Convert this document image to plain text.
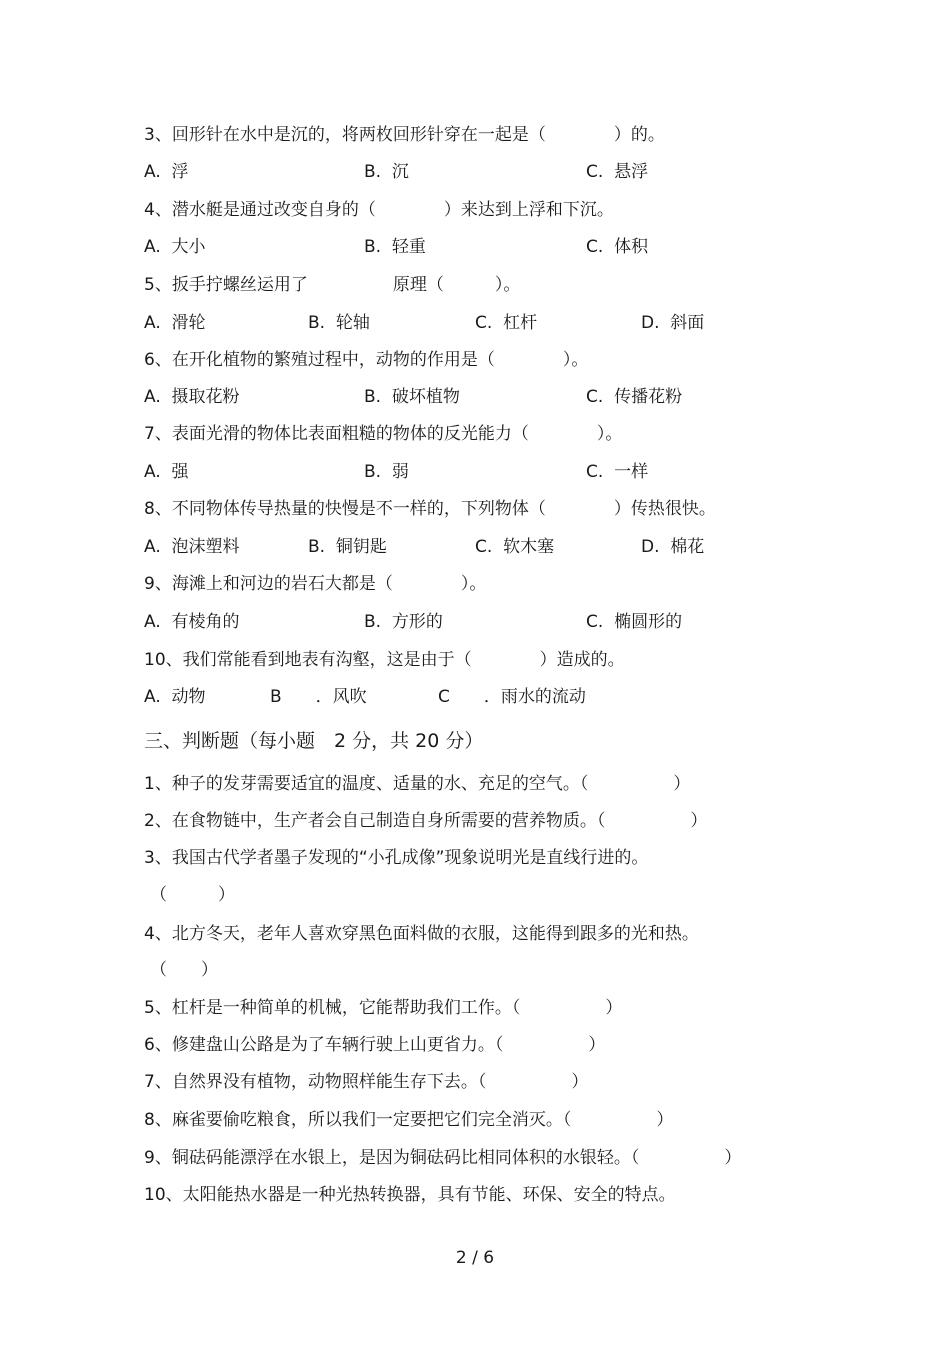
3、回形针在水中是沉的，将两枚回形针穿在一起是（　　　　）的。
A.  浮	B.  沉	C.  悬浮
4、潜水艇是通过改变自身的（　　　　）来达到上浮和下沉。
A.  大小	B.  轻重	C.  体积
5、扳手拧螺丝运用了　　　　　原理（　　　）。
A.  滑轮	B.  轮轴	C.  杠杆	D.  斜面
6、在开化植物的繁殖过程中，动物的作用是（　　　　）。
A.  摄取花粉	B.  破坏植物	C.  传播花粉
7、表面光滑的物体比表面粗糙的物体的反光能力（　　　　）。
A.  强	B.  弱	C.  一样
8、不同物体传导热量的快慢是不一样的，下列物体（　　　　）传热很快。
A.  泡沫塑料	B.  铜钥匙	C.  软木塞	D.  棉花
9、海滩上和河边的岩石大都是（　　　　）。
A.  有棱角的	B.  方形的	C.  椭圆形的
10、我们常能看到地表有沟壑，这是由于（　　　　）造成的。
A.  动物	B　　．风吹	C　　．雨水的流动
三、判断题（每小题　2 分，共 20 分）
1、种子的发芽需要适宜的温度、适量的水、充足的空气。（　　　　　）
2、在食物链中，生产者会自己制造自身所需要的营养物质。（　　　　　）
3、我国古代学者墨子发现的“小孔成像”现象说明光是直线行进的。
（　　　）
4、北方冬天，老年人喜欢穿黑色面料做的衣服，这能得到跟多的光和热。
（　　）
5、杠杆是一种简单的机械，它能帮助我们工作。（　　　　　）
6、修建盘山公路是为了车辆行驶上山更省力。（　　　　　）
7、自然界没有植物，动物照样能生存下去。（　　　　　）
8、麻雀要偷吃粮食，所以我们一定要把它们完全消灭。（　　　　　）
9、铜砝码能漂浮在水银上，是因为铜砝码比相同体积的水银轻。（　　　　　）
10、太阳能热水器是一种光热转换器，具有节能、环保、安全的特点。
2 / 6
